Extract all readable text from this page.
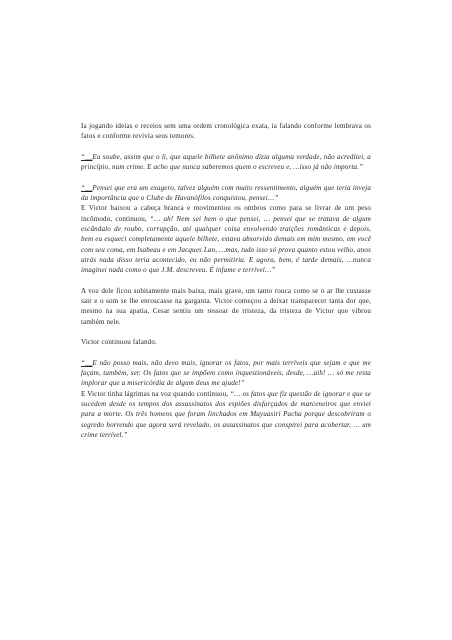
Ia jogando ideias e receios sem uma ordem cronológica exata, ia falando conforme lembrava os fatos e conforme revivia seus temores.

“__Eu soube, assim que o li, que aquele bilhete anônimo dizia alguma verdade, não acreditei, a princípio, num crime. E acho que nunca saberemos quem o escreveu e, …isso já não importa.”

“__Pensei que era um exagero, talvez alguém com muito ressentimento, alguém que teria inveja da importância que o Clube de Havanófilos conquistou, pensei…”

E Victor baixou a cabeça branca e movimentou os ombros como para se livrar de um peso incômodo, continuou, “… ah! Nem sei bem o que pensei, … pensei que se tratava de algum escândalo de roubo, corrupção, até qualquer coisa envolvendo traições românticas e depois, bem eu esqueci completamente aquele bilhete, estava absorvido demais em mim mesmo, em você com seu coma, em Isabeau e em Jacques Lan, …mas, tudo isso só prova quanto estou velho, anos atrás nada disso teria acontecido, eu não permitiria. E agora, bem, é tarde demais, …nunca imaginei nada como o que J.M. descreveu. É infame e terrível…”

A voz dele ficou subitamente mais baixa, mais grave, um tanto rouca como se o ar lhe custasse sair e o som se lhe enroscasse na garganta. Victor começou a deixar transparecer tanta dor que, mesmo na sua apatia, Cesar sentiu um ressoar de tristeza, da tristeza de Victor que vibrou também nele.

Victor continuou falando.

“__E não posso mais, não devo mais, ignorar os fatos, por mais terríveis que sejam e que me façam, também, ser. Os fatos que se impõem como inquestionáveis, desde, …aih! … só me resta implorar que a misericórdia de algum deus me ajude!”

E Victor tinha lágrimas na voz quando continuou, “… os fatos que fiz questão de ignorar e que se sucedem desde os tempos dos assassinatos dos espiões disfarçados de marceneiros que enviei para a morte. Os três homens que foram linchados em Mayuasiri Pacha porque descobriram o segredo horrendo que agora será revelado, os assassinatos que conspirei para acobertar, … um crime terrível.”
